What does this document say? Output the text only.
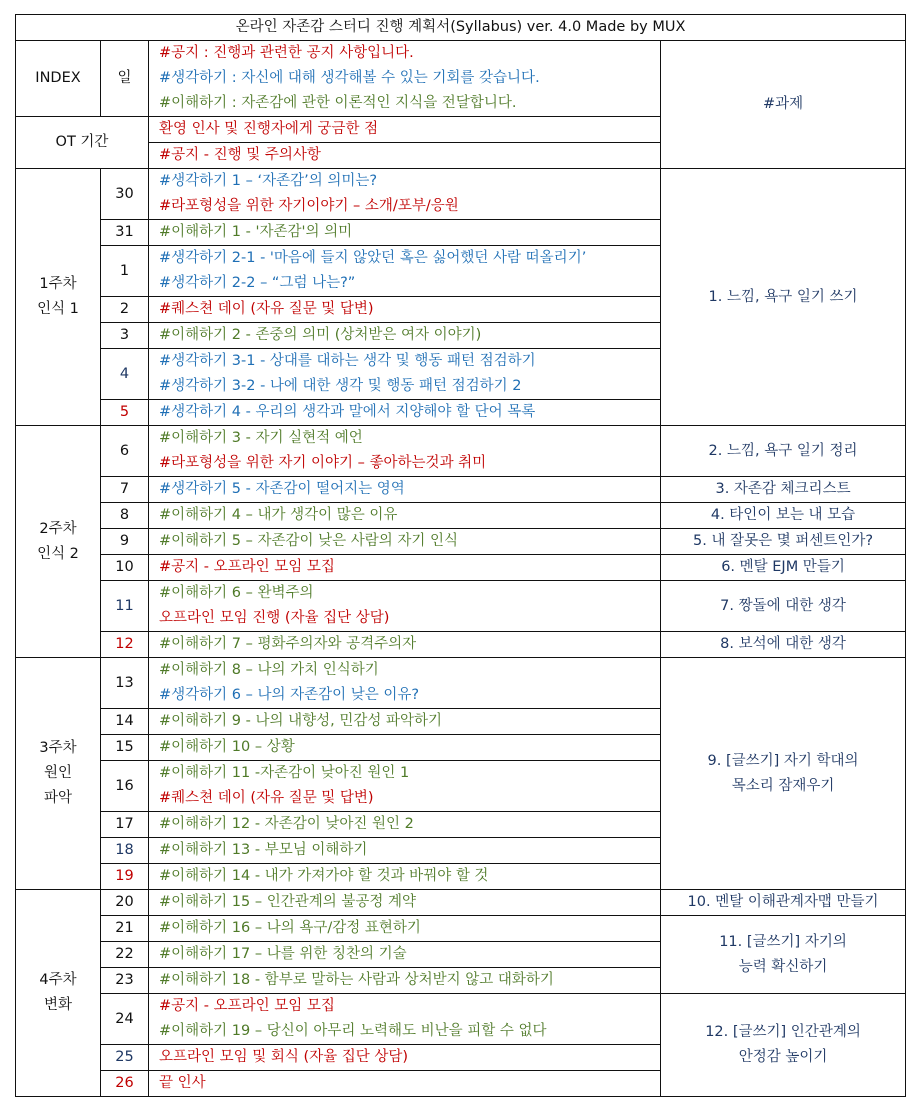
온라인 자존감 스터디 진행 계획서(Syllabus) ver. 4.0 Made by MUX			
INDEX	일	#공지 : 진행과 관련한 공지 사항입니다.
#생각하기 : 자신에 대해 생각해볼 수 있는 기회를 갖습니다.
#이해하기 : 자존감에 관한 이론적인 지식을 전달합니다.	#과제

OT 기간		환영 인사 및 진행자에게 궁금한 점	
		#공지 - 진행 및 주의사항	

1주차
인식 1	30	#생각하기 1 – ‘자존감’의 의미는?
#라포형성을 위한 자기이야기 – 소개/포부/응원	1. 느낌, 욕구 일기 쓰기

	31	#이해하기 1 - '자존감'의 의미	
	1	#생각하기 2-1 - '마음에 들지 않았던 혹은 싫어했던 사람 떠올리기’
#생각하기 2-2 – “그럼 나는?”	

	2	#퀘스쳔 데이 (자유 질문 및 답변)	
	3	#이해하기 2 - 존중의 의미 (상처받은 여자 이야기)	
	4	#생각하기 3-1 - 상대를 대하는 생각 및 행동 패턴 점검하기
#생각하기 3-2 - 나에 대한 생각 및 행동 패턴 점검하기 2	

	5	#생각하기 4 - 우리의 생각과 말에서 지양해야 할 단어 목록	

2주차
인식 2	6	#이해하기 3 - 자기 실현적 예언
#라포형성을 위한 자기 이야기 – 좋아하는것과 취미	2. 느낌, 욕구 일기 정리

	7	#생각하기 5 - 자존감이 떨어지는 영역	3. 자존감 체크리스트

	8	#이해하기 4 – 내가 생각이 많은 이유	4. 타인이 보는 내 모습

	9	#이해하기 5 – 자존감이 낮은 사람의 자기 인식	5. 내 잘못은 몇 퍼센트인가?

	10	#공지 - 오프라인 모임 모집	6. 멘탈 EJM 만들기

	11	#이해하기 6 – 완벽주의
오프라인 모임 진행 (자율 집단 상담)	7. 짱돌에 대한 생각

	12	#이해하기 7 – 평화주의자와 공격주의자	8. 보석에 대한 생각

3주차
원인
파악	13	#이해하기 8 – 나의 가치 인식하기
#생각하기 6 – 나의 자존감이 낮은 이유?	9. [글쓰기] 자기 학대의
목소리 잠재우기

	14	#이해하기 9 - 나의 내향성, 민감성 파악하기	
	15	#이해하기 10 – 상황	
	16	#이해하기 11 -자존감이 낮아진 원인 1
#퀘스쳔 데이 (자유 질문 및 답변)	

	17	#이해하기 12 - 자존감이 낮아진 원인 2	
	18	#이해하기 13 - 부모님 이해하기	
	19	#이해하기 14 - 내가 가져가야 할 것과 바꿔야 할 것	

4주차
변화	20	#이해하기 15 – 인간관계의 불공정 계약	10. 멘탈 이해관계자맵 만들기

	21	#이해하기 16 – 나의 욕구/감정 표현하기	11. [글쓰기] 자기의
능력 확신하기

	22	#이해하기 17 – 나를 위한 칭찬의 기술	
	23	#이해하기 18 - 함부로 말하는 사람과 상처받지 않고 대화하기	
	24	#공지 - 오프라인 모임 모집
#이해하기 19 – 당신이 아무리 노력해도 비난을 피할 수 없다	12. [글쓰기] 인간관계의
안정감 높이기

	25	오프라인 모임 및 회식 (자율 집단 상담)	
	26	끝 인사	
